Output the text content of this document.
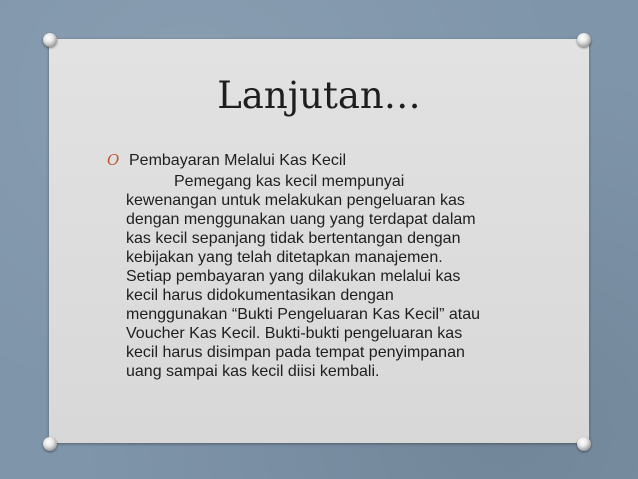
Lanjutan…
O Pembayaran Melalui Kas Kecil

Pemegang kas kecil mempunyai
kewenangan untuk melakukan pengeluaran kas
dengan menggunakan uang yang terdapat dalam
kas kecil sepanjang tidak bertentangan dengan
kebijakan yang telah ditetapkan manajemen.
Setiap pembayaran yang dilakukan melalui kas
kecil harus didokumentasikan dengan
menggunakan “Bukti Pengeluaran Kas Kecil” atau
Voucher Kas Kecil. Bukti-bukti pengeluaran kas
kecil harus disimpan pada tempat penyimpanan
uang sampai kas kecil diisi kembali.
